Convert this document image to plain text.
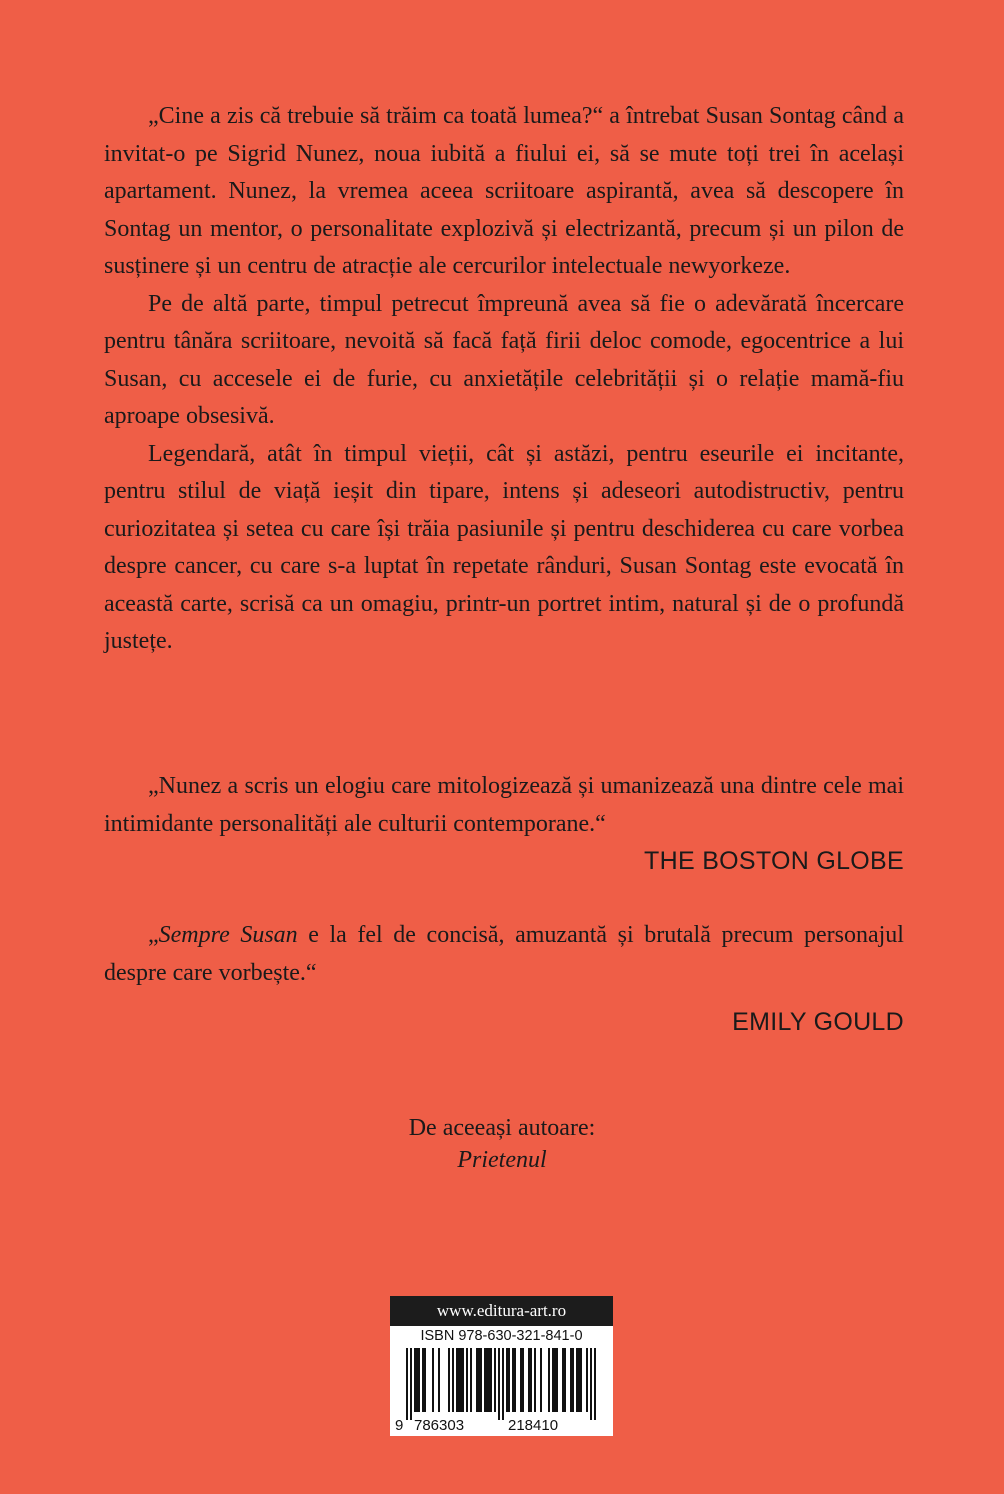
„Cine a zis că trebuie să trăim ca toată lumea?“ a întrebat Susan Sontag când a invitat-o pe Sigrid Nunez, noua iubită a fiului ei, să se mute toți trei în același apartament. Nunez, la vremea aceea scriitoare aspirantă, avea să descopere în Sontag un mentor, o personalitate explozivă și electrizantă, precum și un pilon de susținere și un centru de atracție ale cercurilor intelectuale newyorkeze.

Pe de altă parte, timpul petrecut împreună avea să fie o adevărată încercare pentru tânăra scriitoare, nevoită să facă față firii deloc comode, egocentrice a lui Susan, cu accesele ei de furie, cu anxietățile celebrității și o relație mamă-fiu aproape obsesivă.

Legendară, atât în timpul vieții, cât și astăzi, pentru eseurile ei incitante, pentru stilul de viață ieșit din tipare, intens și adeseori autodistructiv, pentru curiozitatea și setea cu care își trăia pasiunile și pentru deschiderea cu care vorbea despre cancer, cu care s-a luptat în repetate rânduri, Susan Sontag este evocată în această carte, scrisă ca un omagiu, printr-un portret intim, natural și de o profundă justețe.

„Nunez a scris un elogiu care mitologizează și umanizează una dintre cele mai intimidante personalități ale culturii contemporane.“

THE BOSTON GLOBE

„Sempre Susan e la fel de concisă, amuzantă și brutală precum personajul despre care vorbește.“

EMILY GOULD

De aceeași autoare:
Prietenul
www.editura-art.ro
ISBN 978-630-321-841-0
9 786303	218410
